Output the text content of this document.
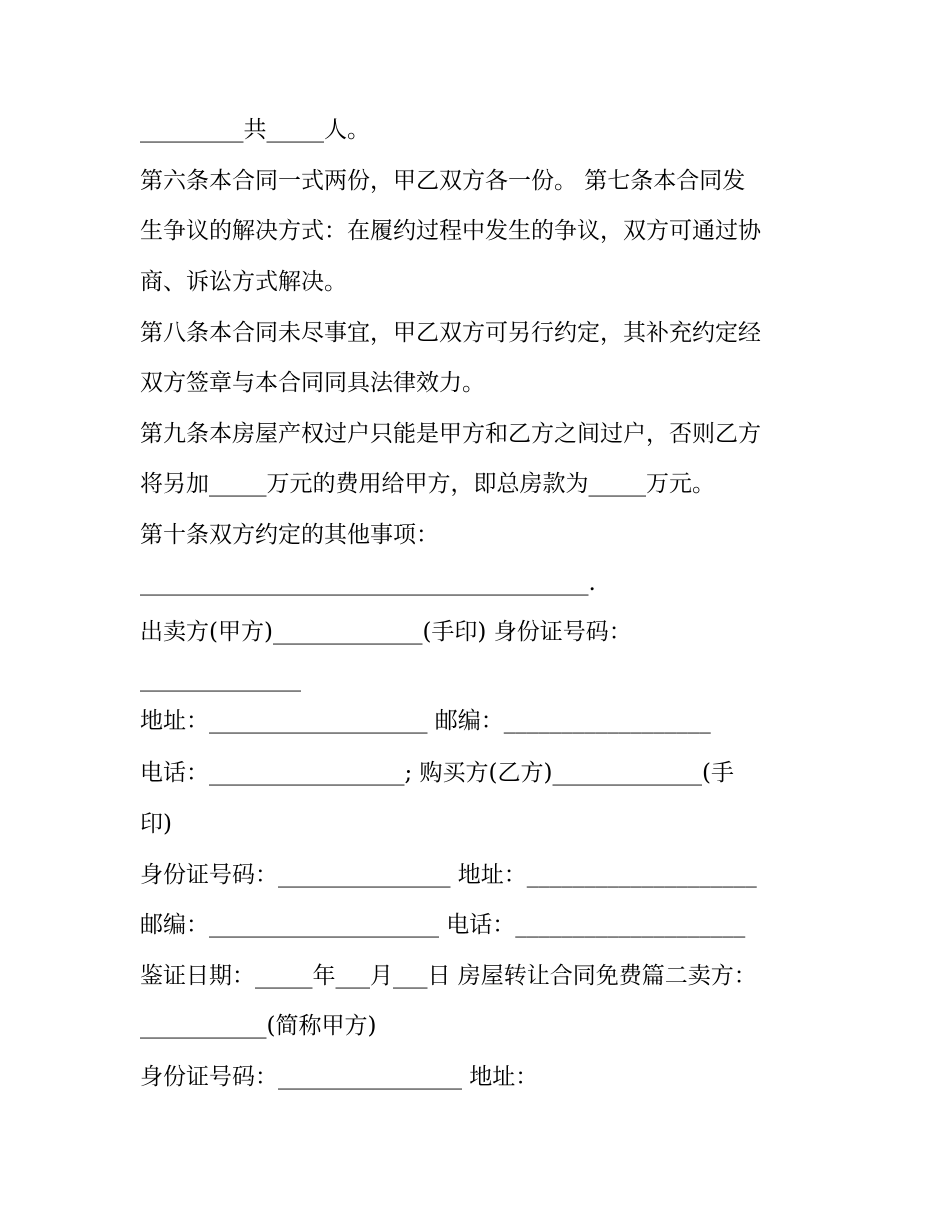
_________共_____人。
第六条本合同一式两份，甲乙双方各一份。 第七条本合同发
生争议的解决方式：在履约过程中发生的争议，双方可通过协
商、诉讼方式解决。
第八条本合同未尽事宜，甲乙双方可另行约定，其补充约定经
双方签章与本合同同具法律效力。
第九条本房屋产权过户只能是甲方和乙方之间过户，否则乙方
将另加_____万元的费用给甲方，即总房款为_____万元。
第十条双方约定的其他事项：
_______________________________________.
出卖方(甲方)_____________(手印) 身份证号码：
______________
地址：___________________ 邮编：__________________
电话：_________________; 购买方(乙方)_____________(手
印)
身份证号码：_______________ 地址：____________________
邮编：____________________ 电话：____________________
鉴证日期：_____年___月___日 房屋转让合同免费篇二卖方：
___________(简称甲方)
身份证号码：________________ 地址：
